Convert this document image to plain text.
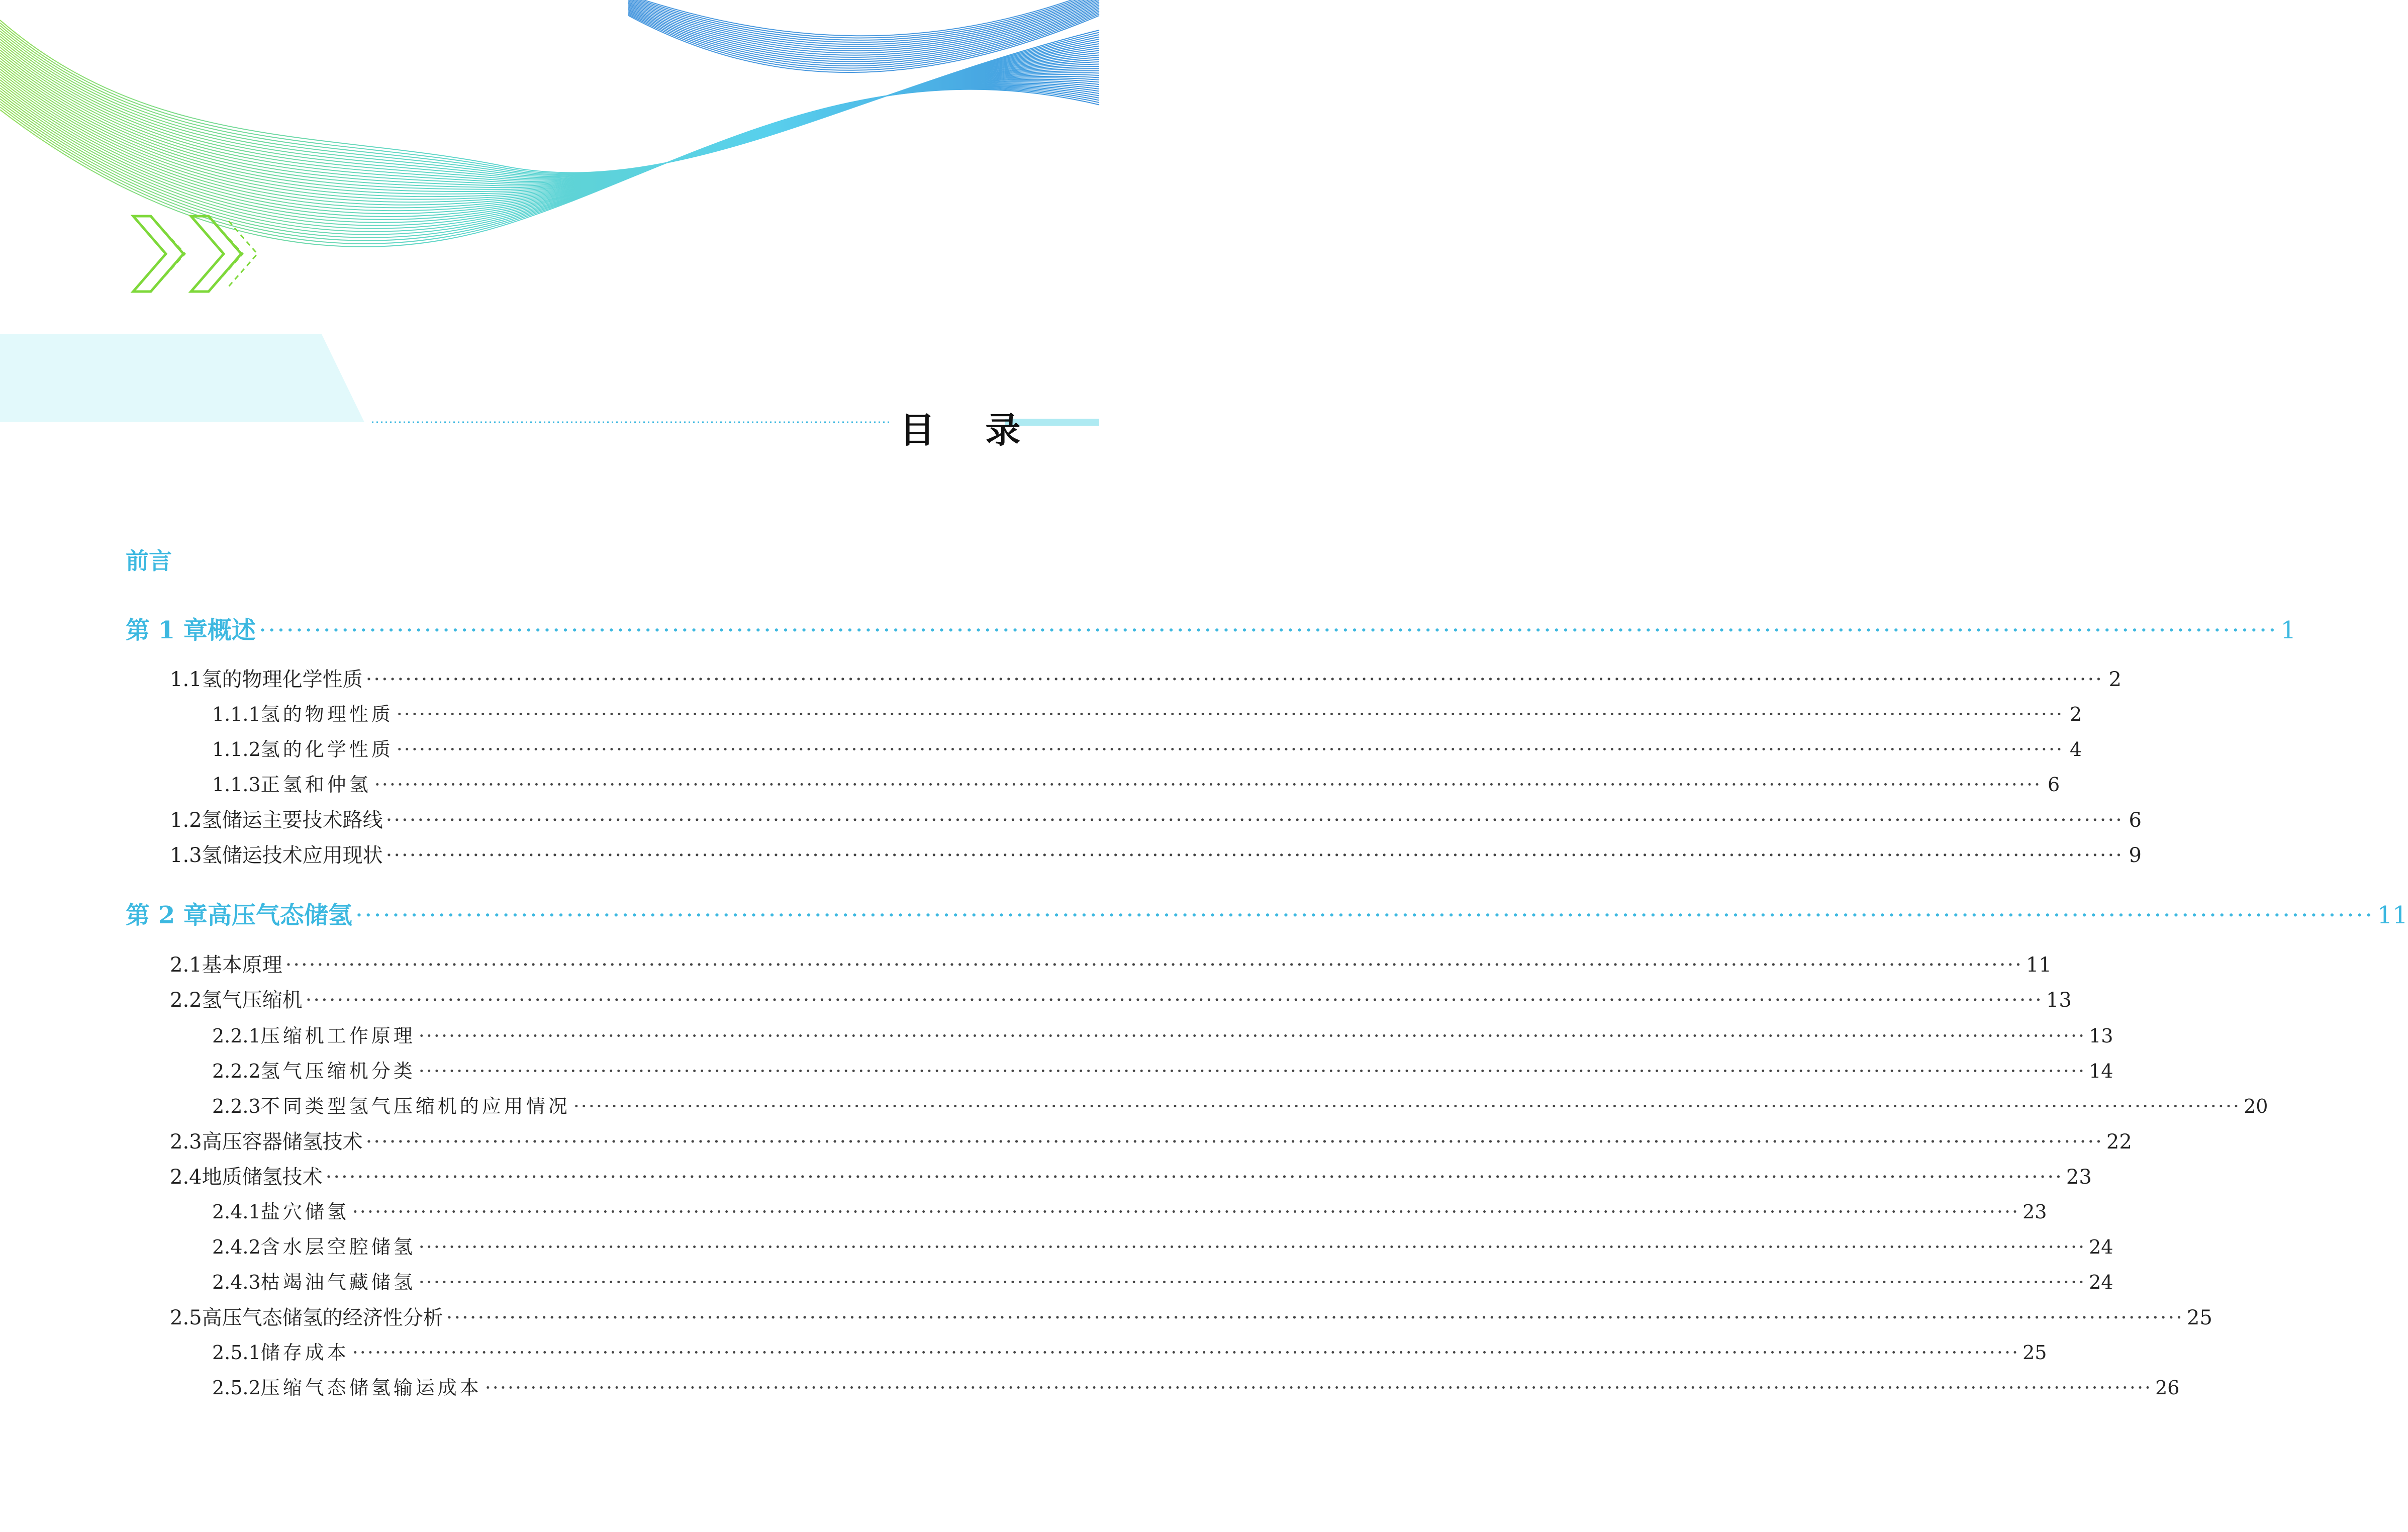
目 录
前言
第 1 章 概述 ···························································································································································································································· 1
1.1 氢的物理化学性质 ···························································································································································································································· 2
1.1.1 氢的物理性质 ···························································································································································································································· 2
1.1.2 氢的化学性质 ···························································································································································································································· 4
1.1.3 正氢和仲氢 ···························································································································································································································· 6
1.2 氢储运主要技术路线 ···························································································································································································································· 6
1.3 氢储运技术应用现状 ···························································································································································································································· 9
第 2 章 高压气态储氢 ···························································································································································································································· 11
2.1 基本原理 ···························································································································································································································· 11
2.2 氢气压缩机 ···························································································································································································································· 13
2.2.1 压缩机工作原理 ···························································································································································································································· 13
2.2.2 氢气压缩机分类 ···························································································································································································································· 14
2.2.3 不同类型氢气压缩机的应用情况 ···························································································································································································································· 20
2.3 高压容器储氢技术 ···························································································································································································································· 22
2.4 地质储氢技术 ···························································································································································································································· 23
2.4.1 盐穴储氢 ···························································································································································································································· 23
2.4.2 含水层空腔储氢 ···························································································································································································································· 24
2.4.3 枯竭油气藏储氢 ···························································································································································································································· 24
2.5 高压气态储氢的经济性分析 ···························································································································································································································· 25
2.5.1 储存成本 ···························································································································································································································· 25
2.5.2 压缩气态储氢输运成本 ···························································································································································································································· 26
